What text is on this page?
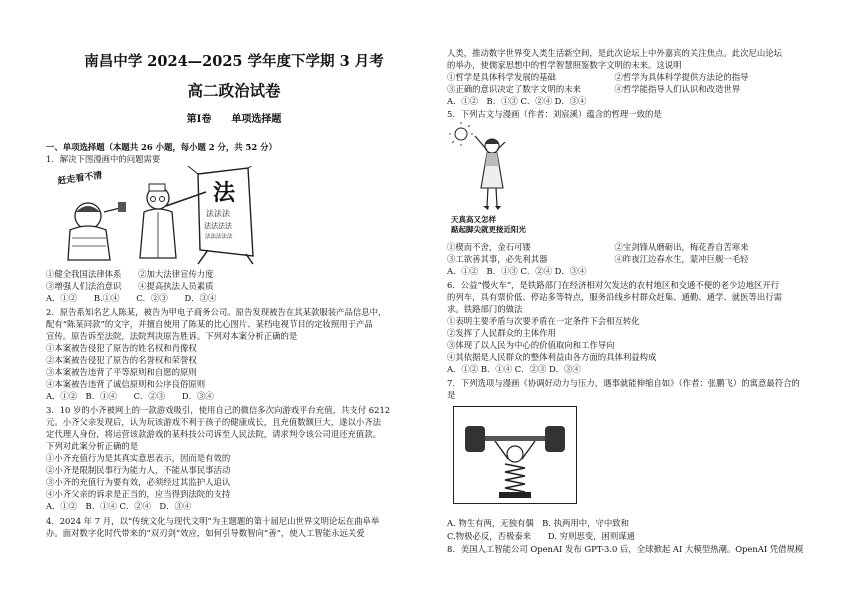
南昌中学 2024—2025 学年度下学期 3 月考
高二政治试卷
第Ⅰ卷　　单项选择题
一、单项选择题（本题共 26 小题，每小题 2 分，共 52 分）
1．解决下图漫画中的问题需要
法
法法法
法法法法
法法法法法
赶走看不清
①健全我国法律体系　　②加大法律宣传力度
③增强人们法治意识　　④提高执法人员素质
A．①②　　B.①④　　C．②③　　D．③④
2．原告系知名艺人陈某，被告为甲电子商务公司。原告发现被告在其某款服装产品信息中，
配有“陈某同款”的文字，并擅自使用了陈某的比心图片、某档电视节目的定妆照用于产品
宣传。原告诉至法院，法院判决原告胜诉。下列对本案分析正确的是
①本案被告侵犯了原告的姓名权和肖像权
②本案被告侵犯了原告的名誉权和荣誉权
③本案被告违背了平等原则和自愿的原则
④本案被告违背了诚信原则和公序良俗原则
A．①②　B．①④　　C．②③　　D．③④
3．10 岁的小齐被网上的一款游戏吸引，使用自己的微信多次向游戏平台充值，共支付 6212
元。小齐父亲发现后，认为玩该游戏不利于孩子的健康成长，且充值数额巨大，遂以小齐法
定代理人身份，将运营该款游戏的某科技公司诉至人民法院，请求判令该公司退还充值款。
下列对此案分析正确的是
①小齐充值行为是其真实意思表示，因而是有效的
②小齐是限制民事行为能力人，不能从事民事活动
③小齐的充值行为要有效，必须经过其监护人追认
④小齐父亲的诉求是正当的，应当得到法院的支持
A．①②　B．①④ C．②④　D．③④
4．2024 年 7 月，以“传统文化与现代文明”为主题题的第十届尼山世界文明论坛在曲阜举
办。面对数字化时代带来的“双刃剑”效应，如何引导数智向“善”，使人工智能永远关爱
人类，推动数字世界变人类生活新空间，是此次论坛上中外嘉宾的关注焦点。此次尼山论坛
的举办，使儒家思想中的哲学智慧照鉴数字文明的未来。这说明
①哲学是具体科学发展的基础　　　　　　　②哲学为具体科学提供方法论的指导
③正确的意识决定了数字文明的未来　　　　④哲学能指导人们认识和改造世界
A．①②　B．①③ C．②④ D．③④
5．下列古文与漫画（作者：刘宸溪）蕴含的哲理一致的是
天真高又怎样
踮起脚尖就更接近阳光
①楔而不舍，金石可镂　　　　　　　　　　②宝剑锋从磨砺出，梅花香自苦寒来
③工欲善其事，必先利其器　　　　　　　　④昨夜江边春水生，蒙冲巨舰一毛轻
A．①②　B．①③ C．②④ D．③④
6．公益“慢火车”，是铁路部门在经济相对欠发达的农村地区和交通不便的老少边地区开行
的列车，具有票价低、停站多等特点，服务沿线乡村群众赶集、通勤、通学、就医等出行需
求。铁路部门的做法
①表明主要矛盾与次要矛盾在一定条件下会相互转化
②发挥了人民群众的主体作用
③体现了以人民为中心的价值取向和工作导向
④其依据是人民群众的整体利益由各方面的具体利益构成
A．①② B．①④ C．②③ D．③④
7．下列选项与漫画《协调好动力与压力，遇事就能伸缩自如》（作者：张鹏飞）的寓意最符合的
是
A. 物生有两，无独有偶　B. 执两用中，守中致和
C.物极必反，否极泰来　　D. 穷则思变，困则谋通
8．美国人工智能公司 OpenAI 发布 GPT-3.0 后，全球掀起 AI 大模型热潮。OpenAI 凭借规模
